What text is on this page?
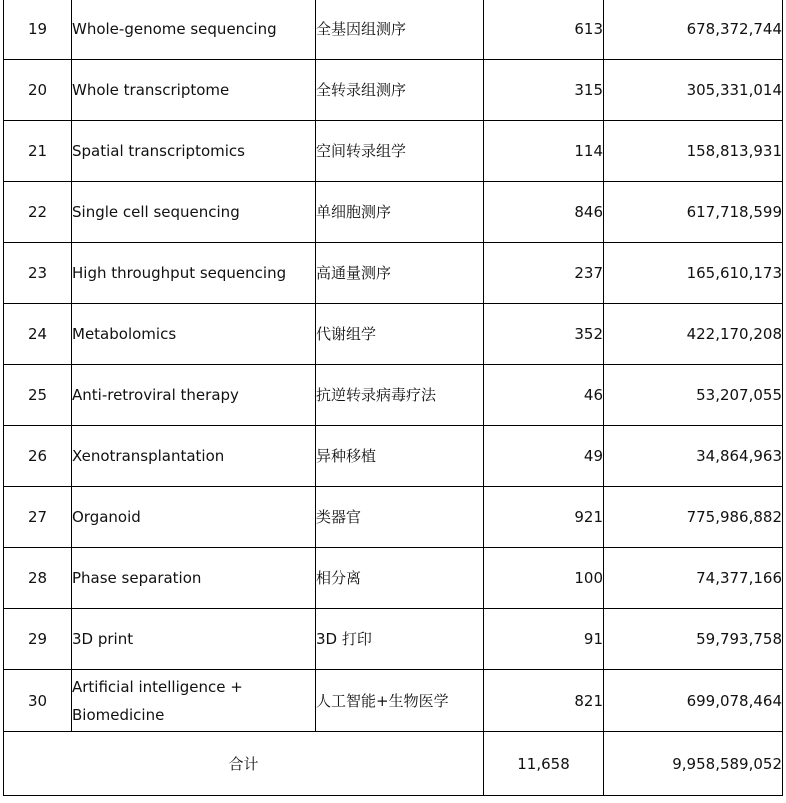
19	Whole-genome sequencing	全基因组测序	613	678,372,744
20	Whole transcriptome	全转录组测序	315	305,331,014
21	Spatial transcriptomics	空间转录组学	114	158,813,931
22	Single cell sequencing	单细胞测序	846	617,718,599
23	High throughput sequencing	高通量测序	237	165,610,173
24	Metabolomics	代谢组学	352	422,170,208
25	Anti-retroviral therapy	抗逆转录病毒疗法	46	53,207,055
26	Xenotransplantation	异种移植	49	34,864,963
27	Organoid	类器官	921	775,986,882
28	Phase separation	相分离	100	74,377,166
29	3D print	3D 打印	91	59,793,758
30	Artificial intelligence + Biomedicine	人工智能+生物医学	821	699,078,464
合计			11,658	9,958,589,052
